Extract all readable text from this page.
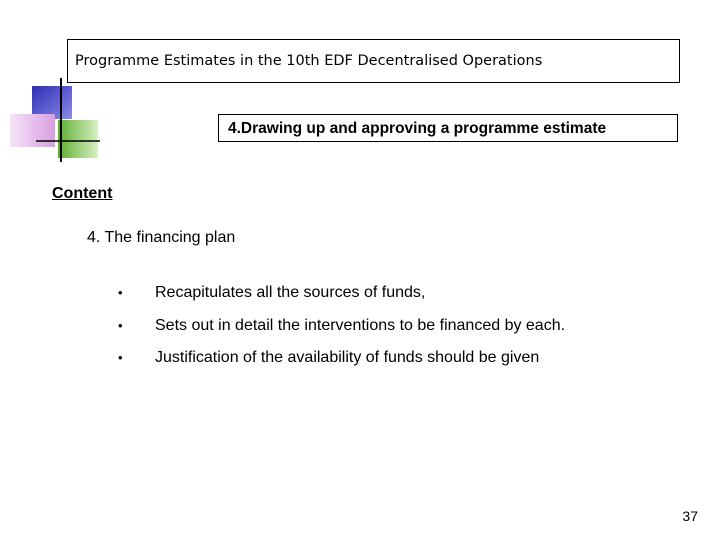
Programme Estimates in the 10th EDF Decentralised Operations
4.Drawing up and approving a programme estimate
Content
4. The financing plan
• Recapitulates all the sources of funds,
• Sets out in detail the interventions to be financed by each.
• Justification of the availability of funds should be given
37
